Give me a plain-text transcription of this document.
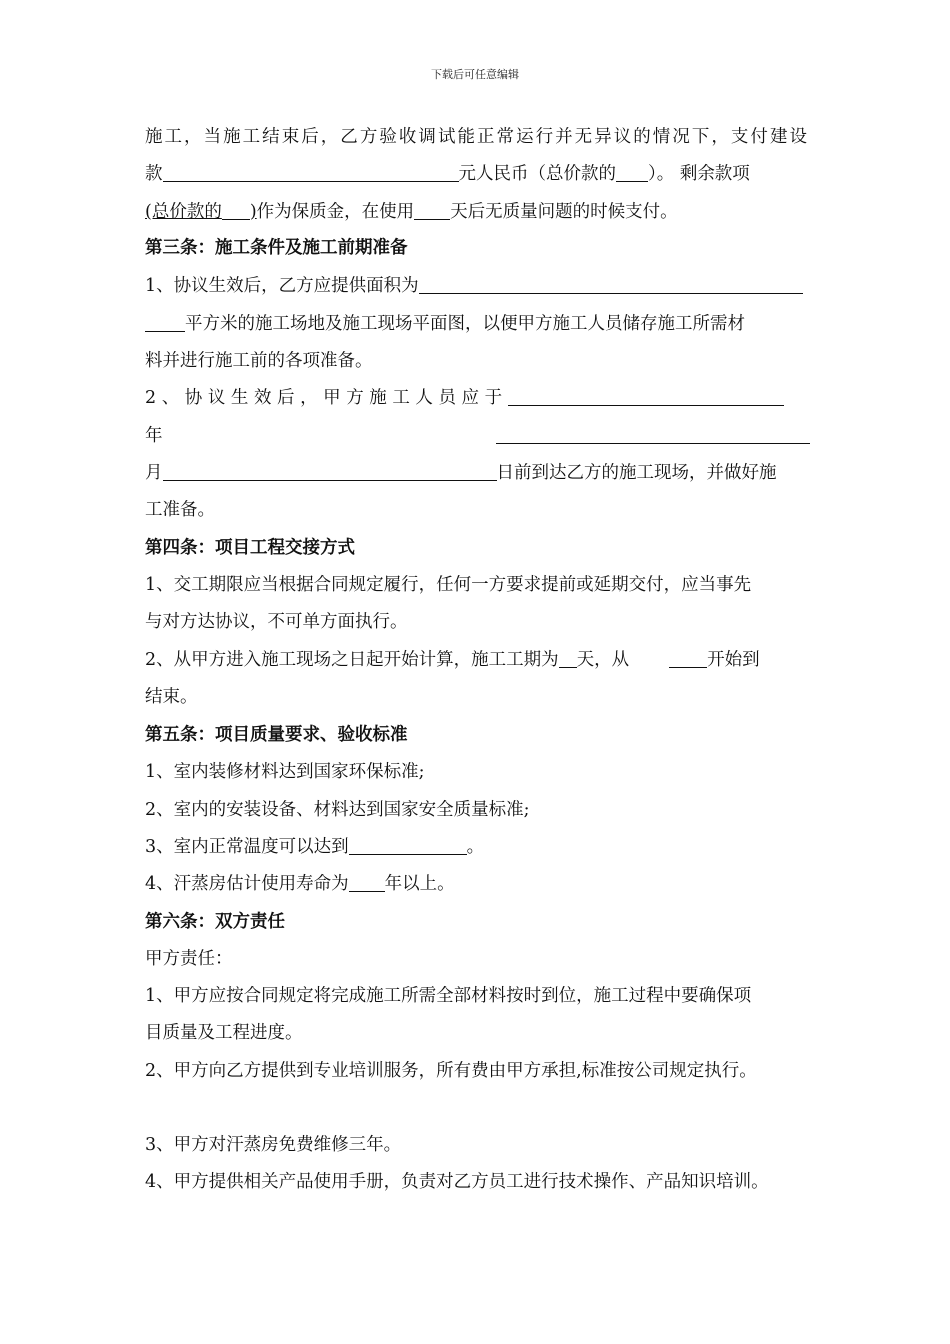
下载后可任意编辑
施工，当施工结束后，乙方验收调试能正常运行并无异议的情况下，支付建设
款	元人民币（总价款的 ）。 剩余款项
(总价款的 )作为保质金，在使用 天后无质量问题的时候支付。
第三条：施工条件及施工前期准备
1、协议生效后，乙方应提供面积为
平方米的施工场地及施工现场平面图，以便甲方施工人员储存施工所需材
料并进行施工前的各项准备。
2 、 协 议 生 效 后 ， 甲 方 施 工 人 员 应 于
年
月	日前到达乙方的施工现场，并做好施
工准备。
第四条：项目工程交接方式
1、交工期限应当根据合同规定履行，任何一方要求提前或延期交付，应当事先
与对方达协议，不可单方面执行。
2、从甲方进入施工现场之日起开始计算，施工工期为 天，从	开始到
结束。
第五条：项目质量要求、验收标准
1、室内装修材料达到国家环保标准;
2、室内的安装设备、材料达到国家安全质量标准;
3、室内正常温度可以达到	。
4、汗蒸房估计使用寿命为 年以上。
第六条：双方责任
甲方责任：
1、甲方应按合同规定将完成施工所需全部材料按时到位，施工过程中要确保项
目质量及工程进度。
2、甲方向乙方提供到专业培训服务，所有费由甲方承担,标准按公司规定执行。
3、甲方对汗蒸房免费维修三年。
4、甲方提供相关产品使用手册，负责对乙方员工进行技术操作、产品知识培训。
